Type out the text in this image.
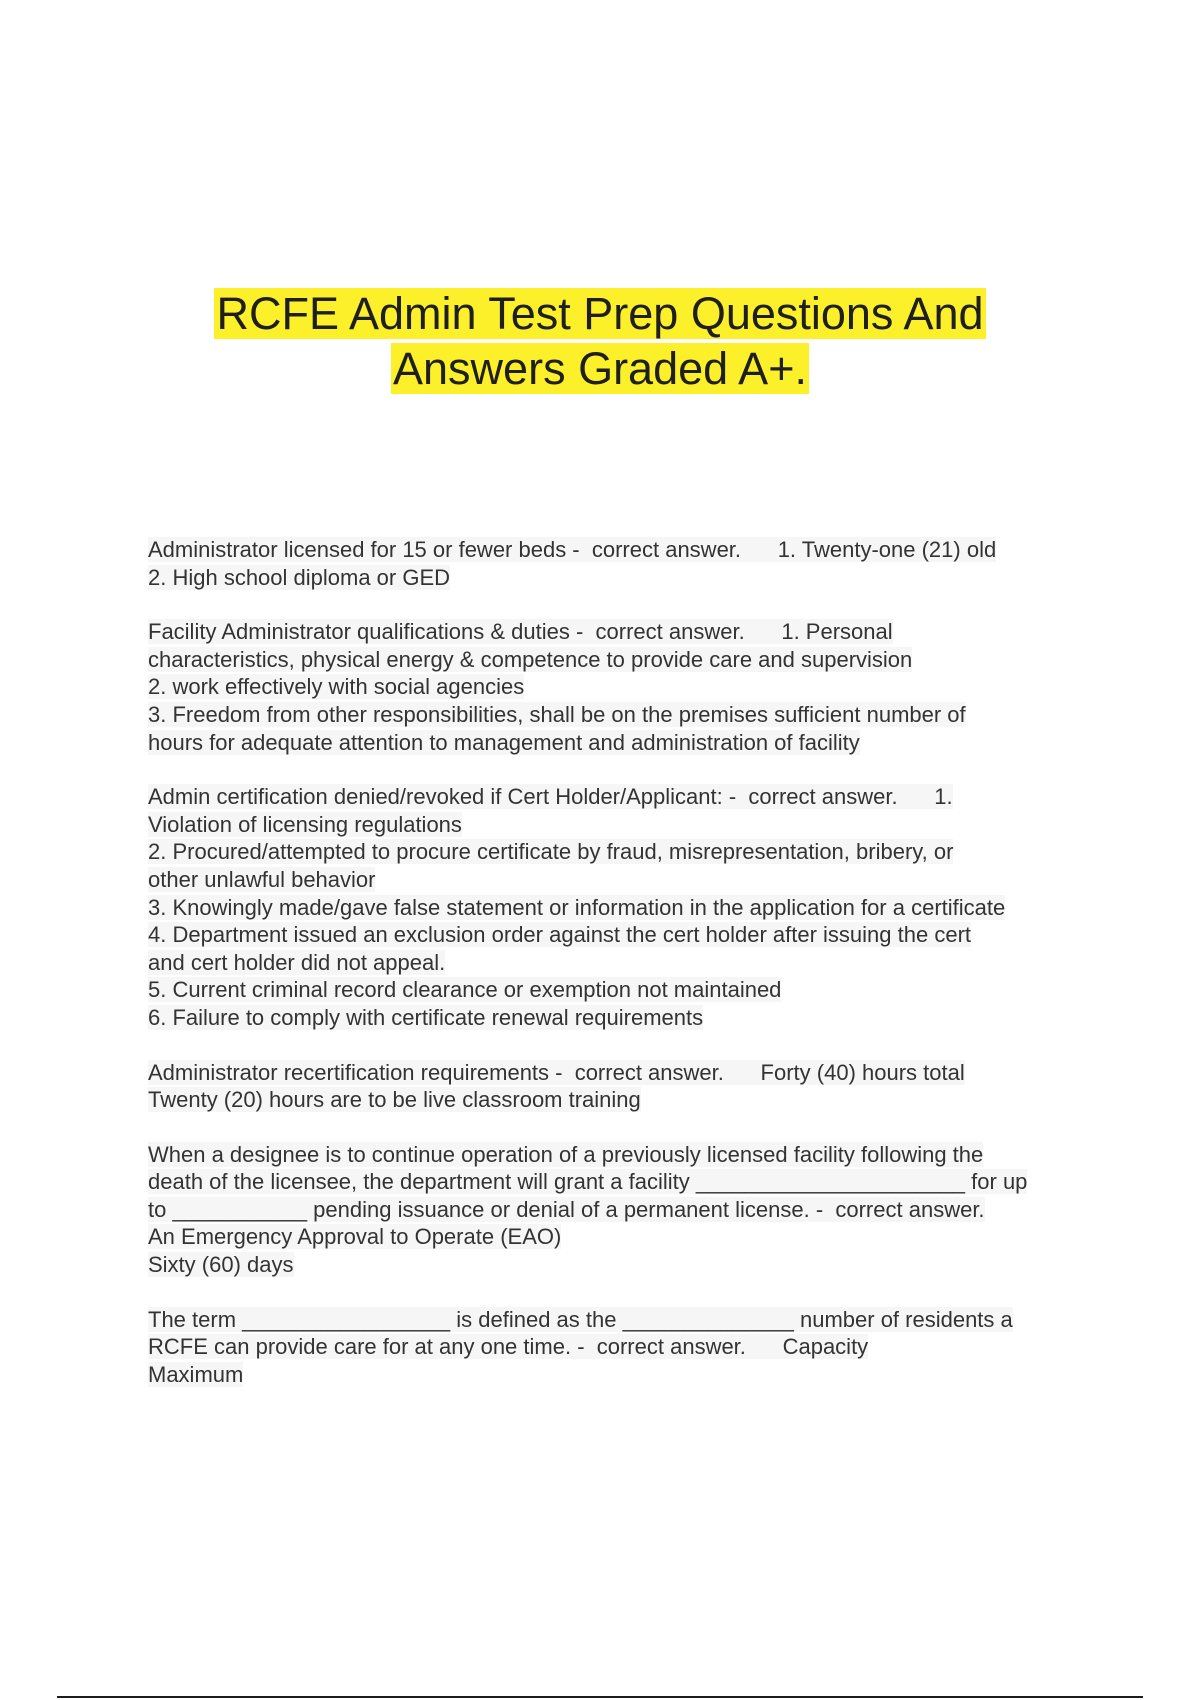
RCFE Admin Test Prep Questions And
Answers Graded A+.
Administrator licensed for 15 or fewer beds -  correct answer.      1. Twenty-one (21) old
2. High school diploma or GED
Facility Administrator qualifications & duties -  correct answer.      1. Personal
characteristics, physical energy & competence to provide care and supervision
2. work effectively with social agencies
3. Freedom from other responsibilities, shall be on the premises sufficient number of
hours for adequate attention to management and administration of facility
Admin certification denied/revoked if Cert Holder/Applicant: -  correct answer.      1.
Violation of licensing regulations
2. Procured/attempted to procure certificate by fraud, misrepresentation, bribery, or
other unlawful behavior
3. Knowingly made/gave false statement or information in the application for a certificate
4. Department issued an exclusion order against the cert holder after issuing the cert
and cert holder did not appeal.
5. Current criminal record clearance or exemption not maintained
6. Failure to comply with certificate renewal requirements
Administrator recertification requirements -  correct answer.      Forty (40) hours total
Twenty (20) hours are to be live classroom training
When a designee is to continue operation of a previously licensed facility following the
death of the licensee, the department will grant a facility ______________________ for up
to ___________ pending issuance or denial of a permanent license. -  correct answer.
An Emergency Approval to Operate (EAO)
Sixty (60) days
The term _________________ is defined as the ______________ number of residents a
RCFE can provide care for at any one time. -  correct answer.      Capacity
Maximum
